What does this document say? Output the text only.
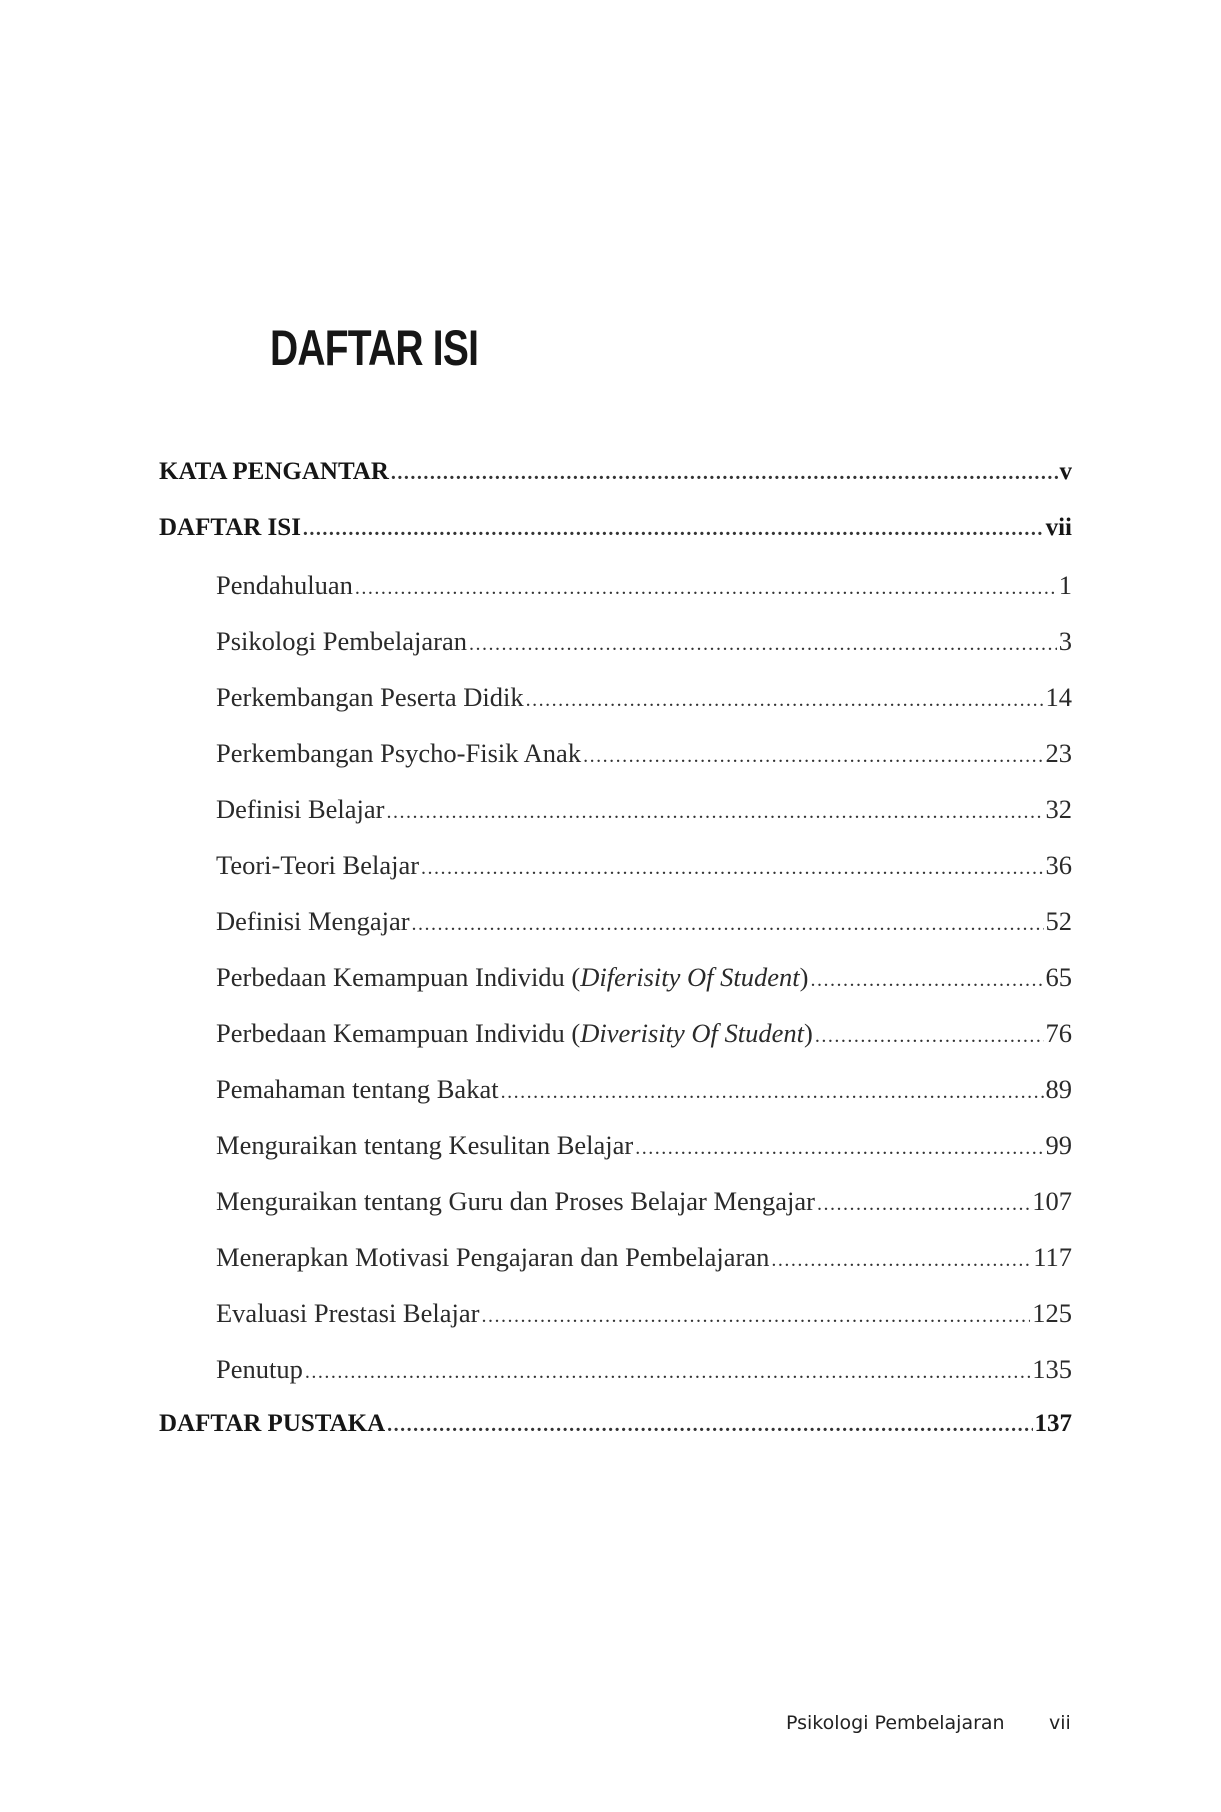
DAFTAR ISI
KATA PENGANTAR .....	v
DAFTAR ISI .....	vii
Pendahuluan .....	1
Psikologi Pembelajaran .....	3
Perkembangan Peserta Didik .....	14
Perkembangan Psycho-Fisik Anak .....	23
Definisi Belajar .....	32
Teori-Teori Belajar .....	36
Definisi Mengajar .....	52
Perbedaan Kemampuan Individu (Diferisity Of Student) .....	65
Perbedaan Kemampuan Individu (Diverisity Of Student) .....	76
Pemahaman tentang Bakat .....	89
Menguraikan tentang Kesulitan Belajar .....	99
Menguraikan tentang Guru dan Proses Belajar Mengajar .....	107
Menerapkan Motivasi Pengajaran dan Pembelajaran .....	117
Evaluasi Prestasi Belajar .....	125
Penutup .....	135
DAFTAR PUSTAKA .....	137
Psikologi Pembelajaran vii
